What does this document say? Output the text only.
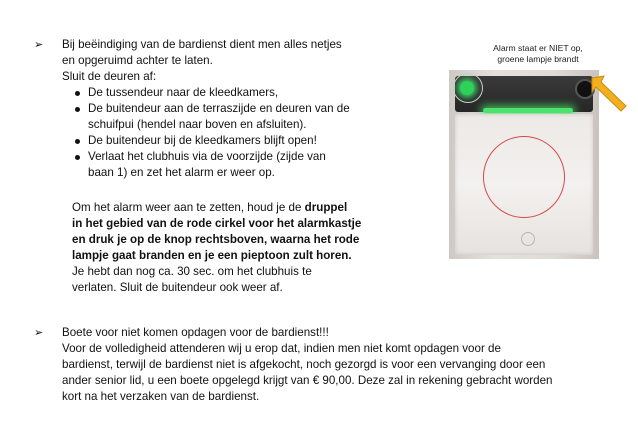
➢ Bij beëindiging van de bardienst dient men alles netjes

en opgeruimd achter te laten.

Sluit de deuren af:

De tussendeur naar de kleedkamers,
De buitendeur aan de terraszijde en deuren van de
schuifpui (hendel naar boven en afsluiten).
De buitendeur bij de kleedkamers blijft open!
Verlaat het clubhuis via de voorzijde (zijde van
baan 1) en zet het alarm er weer op.
Om het alarm weer aan te zetten, houd je de druppel
in het gebied van de rode cirkel voor het alarmkastje
en druk je op de knop rechtsboven, waarna het rode
lampje gaat branden en je een pieptoon zult horen.
Je hebt dan nog ca. 30 sec. om het clubhuis te
verlaten. Sluit de buitendeur ook weer af.
Alarm staat er NIET op,
groene lampje brandt
➢ Boete voor niet komen opdagen voor de bardienst!!!

Voor de volledigheid attenderen wij u erop dat, indien men niet komt opdagen voor de

bardienst, terwijl de bardienst niet is afgekocht, noch gezorgd is voor een vervanging door een

ander senior lid, u een boete opgelegd krijgt van € 90,00. Deze zal in rekening gebracht worden

kort na het verzaken van de bardienst.
